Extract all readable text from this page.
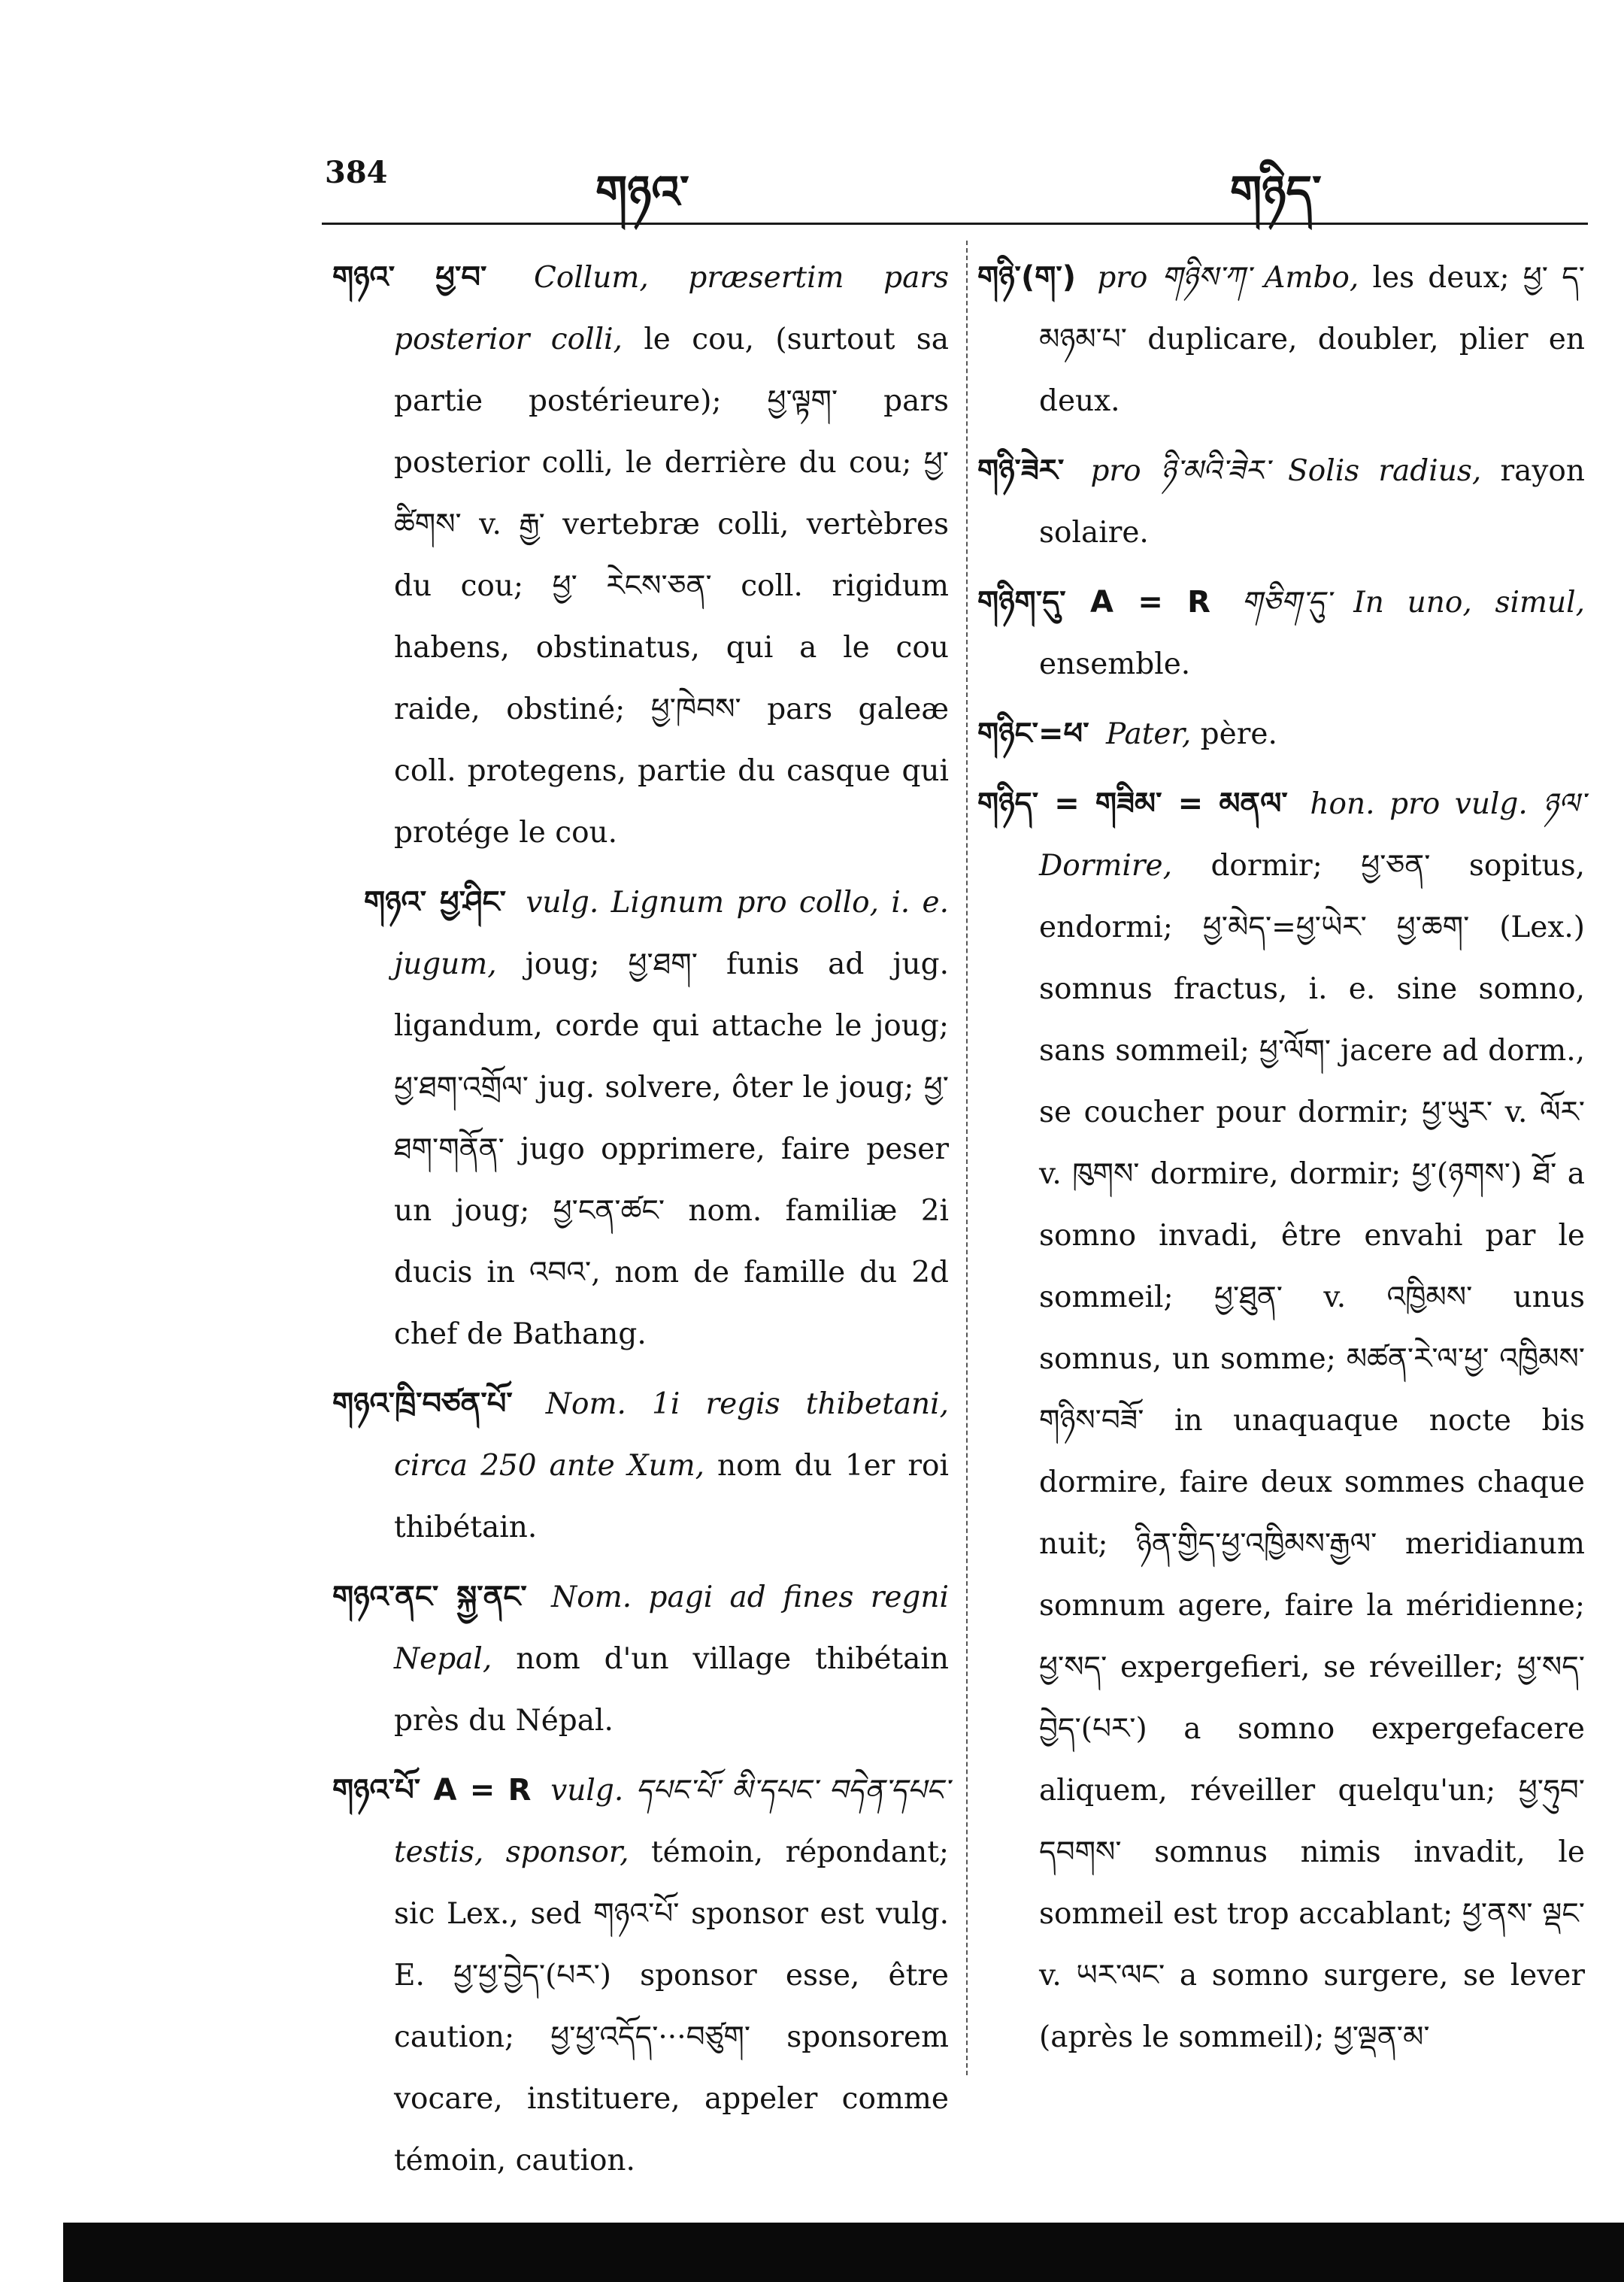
384	གཉའ་	གཉིད་

གཉའ་ ཕྱ་བ་ Collum, præsertim pars posterior colli, le cou, (surtout sa partie postérieure); ཕྱ་ལྟག་ pars posterior colli, le derrière du cou; ཕྱ་ཚིགས་ v. རྒྱ་ vertebræ colli, vertèbres du cou; ཕྱ་ རེངས་ཅན་ coll. rigidum habens, obstinatus, qui a le cou raide, obstiné; ཕྱ་ཁེབས་ pars galeæ coll. protegens, partie du casque qui protége le cou.

གཉའ་ ཕྱ་ཤིང་ vulg. Lignum pro collo, i. e. jugum, joug; ཕྱ་ཐག་ funis ad jug. ligandum, corde qui attache le joug; ཕྱ་ཐག་འགྲོལ་ jug. solvere, ôter le joug; ཕྱ་ཐག་གནོན་ jugo opprimere, faire peser un joug; ཕྱ་ངན་ཚང་ nom. familiæ 2i ducis in འབའ་, nom de famille du 2d chef de Bathang.

གཉའ་ཁྲི་བཙན་པོ་ Nom. 1i regis thibetani, circa 250 ante Xum, nom du 1er roi thibétain.

གཉའ་ནང་ སྐྱ་ནང་ Nom. pagi ad fines regni Nepal, nom d'un village thibétain près du Népal.

གཉའ་པོ་ A = R vulg. དཔང་པོ་ མི་དཔང་ བདེན་དཔང་ testis, sponsor, témoin, répondant; sic Lex., sed གཉའ་པོ་ sponsor est vulg. E. ཕྱ་ཕྱ་བྱེད་(པར་) sponsor esse, être caution; ཕྱ་ཕྱ་འདོད་···བཙུག་ sponsorem vocare, instituere, appeler comme témoin, caution.

གཉི་(ག་) pro གཉིས་ཀ་ Ambo, les deux; ཕྱ་ ད་མཉམ་པ་ duplicare, doubler, plier en deux.

གཉི་ཟེར་ pro ཉི་མའི་ཟེར་ Solis radius, rayon solaire.

གཉིག་དུ་ A = R གཅིག་དུ་ In uno, simul, ensemble.

གཉིང་=ཕ་ Pater, père.

གཉིད་ = གཟིམ་ = མནལ་ hon. pro vulg. ཉལ་ Dormire, dormir; ཕྱ་ཅན་ sopitus, endormi; ཕྱ་མེད་=ཕྱ་ཡེར་ ཕྱ་ཆག་ (Lex.) somnus fractus, i. e. sine somno, sans sommeil; ཕྱ་ལོག་ jacere ad dorm., se coucher pour dormir; ཕྱ་ཡུར་ v. ལོར་ v. ཁུགས་ dormire, dormir; ཕྱ་(ཉགས་) ཐོ་ a somno invadi, être envahi par le sommeil; ཕྱ་ཐུན་ v. འཁྱིམས་ unus somnus, un somme; མཚན་རེ་ལ་ཕྱ་ འཁྱིམས་གཉིས་བཟོ་ in unaquaque nocte bis dormire, faire deux sommes chaque nuit; ཉིན་གྱིད་ཕྱ་འཁྱིམས་རྒྱལ་ meridianum somnum agere, faire la méridienne; ཕྱ་སད་ expergefieri, se réveiller; ཕྱ་སད་བྱེད་(པར་) a somno expergefacere aliquem, réveiller quelqu'un; ཕྱ་ཧུབ་དབགས་ somnus nimis invadit, le sommeil est trop accablant; ཕྱ་ནས་ ལྡང་ v. ཡར་ལང་ a somno surgere, se lever (après le sommeil); ཕྱ་ལྡན་མ་
